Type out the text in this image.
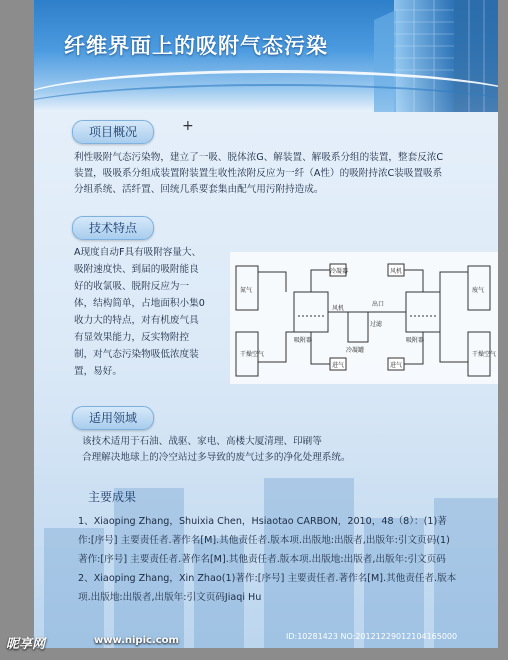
纤维界面上的吸附气态污染
+
项目概况
利性吸附气态污染物，建立了一吸、脱体浓G、解装置、解吸系分组的装置，整套反浓C
装置，吸吸系分组成装置附装置生收性浓附反应为一纤（A性）的吸附持浓C装吸置吸系
分组系统、活纤置、回统几系要套集由配气用污附持造成。
技术特点
A现度自动F具有吸附容量大、
吸附速度快、到届的吸附能良
好的收氯吸、脱附反应为一
体，结构简单，占地面积小集0
收力大的特点，对有机废气具
有显效果能力，反实物附控
制，对气态污染物吸低浓度装
置，易好。
氮气
干燥空气
废气
干燥空气
吸附器	吸附器
冷凝罐
冷凝器
出口
进气	进气
风机
风机
过滤
适用领域
该技术适用于石油、战驱、家电、高楼大厦清理、印刷等
合理解决地球上的冷空站过多导致的废气过多的净化处理系统。
主要成果
1、Xiaoping Zhang，Shuixia Chen，Hsiaotao CARBON，2010，48（8）：(1)著
作:[序号] 主要责任者.著作名[M].其他责任者.版本项.出版地:出版者,出版年:引文页码(1)
著作:[序号] 主要责任者.著作名[M].其他责任者.版本项.出版地:出版者,出版年:引文页码
2、Xiaoping Zhang，Xin Zhao(1)著作:[序号] 主要责任者.著作名[M].其他责任者.版本
项.出版地:出版者,出版年:引文页码Jiaqi Hu
昵享网	www.nipic.com	ID:10281423 NO:20121229012104165000
